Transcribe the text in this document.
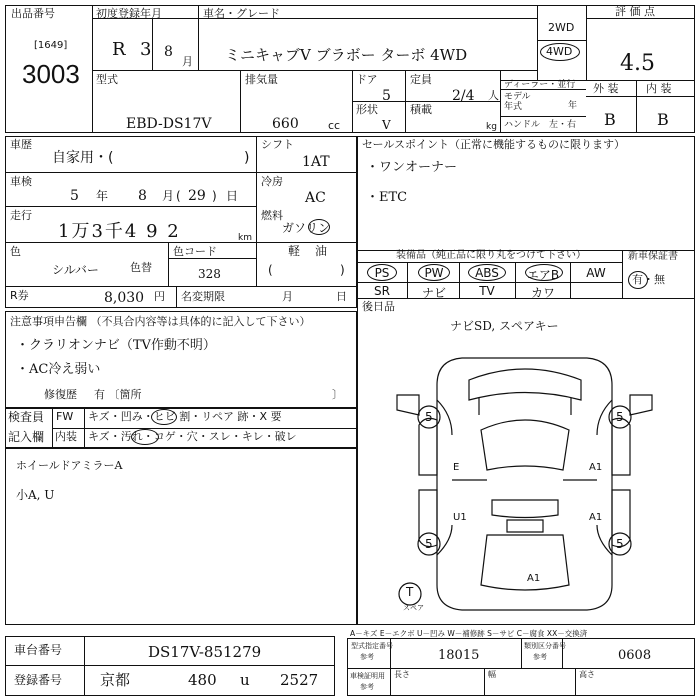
出品番号
[1649]
3003
初度登録年月
R 3 8
月
車名・グレード
ミニキャブV ブラボー ターボ 4WD
2WD
4WD
評 価 点
4.5
型式
EBD-DS17V
排気量
660	cc
ドア
5
定員
2/4 人
形状
V
積載
kg
ディーラー・並行
モデル
年式	年
ハンドル 左・右
外 装	内 装
B	B
車歴
自家用・(	)
シフト
1AT
車検
5 年 8 月 ( 29 ) 日
冷房
AC
走行
1万3千4 9 2	km
燃料
ガソリン
軽 油
(	)
色
シルバー	色替
色コード
328
R券	8,030 円 名変期限	月	日
セールスポイント（正常に機能するものに限ります）
・ワンオーナー
・ETC
装備品（純正品に限り丸をつけて下さい）	新車保証書
有・無
PS	PW	ABS	エアB	AW
SR	ナビ	TV	カワ
後日品
ナビSD, スペアキー
注意事項申告欄 （不具合内容等は具体的に記入して下さい）
・クラリオンナビ（TV作動不明）
・AC冷え弱い
修復歴 有 〔箇所	〕
検査員
記入欄
FW キズ・凹み・ヒビ 割・リペア 跡・X 要
内装 キズ・汚れ・コゲ・穴・スレ・キレ・破レ
ホイールドアミラーA
小A, U
5	5
5	5
E	A1
U1	A1
A1
T
スペア
A－キズ E－エクボ U－凹み W－補修跡 S－サビ C－腐食 XX－交換済
車台番号	DS17V-851279
登録番号	京都	480 u 2527
型式指定番号
参考	18015
類別区分番号
参考	0608
車検証明用
参考
長さ	幅	高さ
